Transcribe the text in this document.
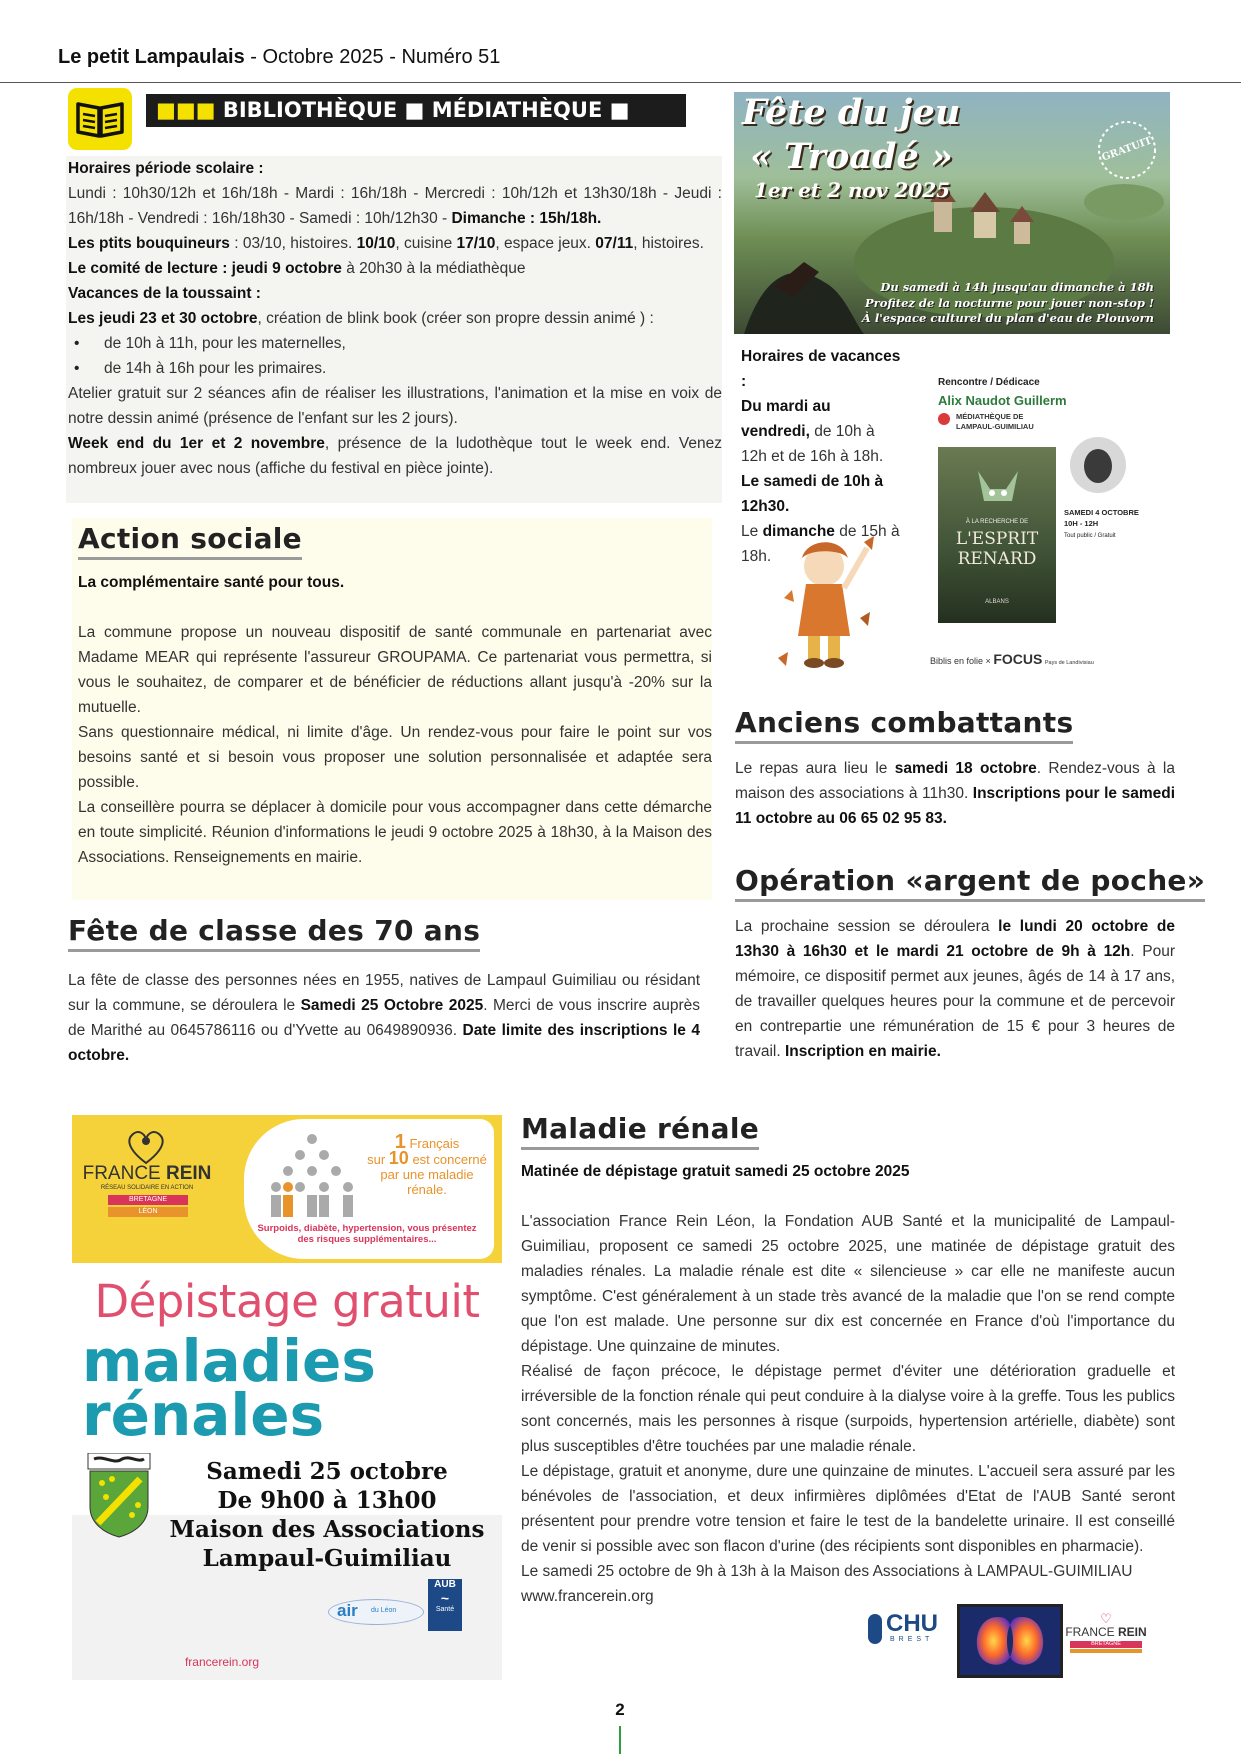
Le petit Lampaulais - Octobre 2025 - Numéro 51
■■■ BIBLIOTHÈQUE ■ MÉDIATHÈQUE ■ LUDOTHÈQUE
Horaires période scolaire :
Lundi : 10h30/12h et 16h/18h - Mardi : 16h/18h - Mercredi : 10h/12h et 13h30/18h - Jeudi : 16h/18h - Vendredi : 16h/18h30 - Samedi : 10h/12h30 - Dimanche : 15h/18h.
Les ptits bouquineurs : 03/10, histoires. 10/10, cuisine 17/10, espace jeux. 07/11, histoires.
Le comité de lecture : jeudi 9 octobre à 20h30 à la médiathèque
Vacances de la toussaint :
Les jeudi 23 et 30 octobre, création de blink book (créer son propre dessin animé ) :
• de 10h à 11h, pour les maternelles,
• de 14h à 16h pour les primaires.
Atelier gratuit sur 2 séances afin de réaliser les illustrations, l'animation et la mise en voix de notre dessin animé (présence de l'enfant sur les 2 jours).
Week end du 1er et 2 novembre, présence de la ludothèque tout le week end. Venez nombreux jouer avec nous (affiche du festival en pièce jointe).
GRATUIT
Fête du jeu
« Troadé »
1er et 2 nov 2025
Du samedi à 14h jusqu'au dimanche à 18h
Profitez de la nocturne pour jouer non-stop !
À l'espace culturel du plan d'eau de Plouvorn
Horaires de vacances :
Du mardi au vendredi, de 10h à 12h et de 16h à 18h. Le samedi de 10h à 12h30.
Le dimanche de 15h à 18h.
Rencontre / Dédicace
Alix Naudot Guillerm
MÉDIATHÈQUE DE
LAMPAUL-GUIMILIAU
À LA RECHERCHE DE
L'ESPRIT
RENARD
ALBANS
SAMEDI 4 OCTOBRE
10H - 12H
Tout public / Gratuit
Biblis en folie × FOCUS Pays de Landivisiau
Action sociale
La complémentaire santé pour tous.
La commune propose un nouveau dispositif de santé communale en partenariat avec Madame MEAR qui représente l'assureur GROUPAMA. Ce partenariat vous permettra, si vous le souhaitez, de comparer et de bénéficier de réductions allant jusqu'à -20% sur la mutuelle.
Sans questionnaire médical, ni limite d'âge. Un rendez-vous pour faire le point sur vos besoins santé et si besoin vous proposer une solution personnalisée et adaptée sera possible.
La conseillère pourra se déplacer à domicile pour vous accompagner dans cette démarche en toute simplicité. Réunion d'informations le jeudi 9 octobre 2025 à 18h30, à la Maison des Associations. Renseignements en mairie.
Anciens combattants
Le repas aura lieu le samedi 18 octobre. Rendez-vous à la maison des associations à 11h30. Inscriptions pour le samedi 11 octobre au 06 65 02 95 83.
Opération «argent de poche»
La prochaine session se déroulera le lundi 20 octobre de 13h30 à 16h30 et le mardi 21 octobre de 9h à 12h. Pour mémoire, ce dispositif permet aux jeunes, âgés de 14 à 17 ans, de travailler quelques heures pour la commune et de percevoir en contrepartie une rémunération de 15 € pour 3 heures de travail. Inscription en mairie.
Fête de classe des 70 ans
La fête de classe des personnes nées en 1955, natives de Lampaul Guimiliau ou résidant sur la commune, se déroulera le Samedi 25 Octobre 2025. Merci de vous inscrire auprès de Marithé au 0645786116 ou d'Yvette au 0649890936. Date limite des inscriptions le 4 octobre.
FRANCE REIN
RÉSEAU SOLIDAIRE EN ACTION
BRETAGNE
LÉON
1 Français
sur 10 est concerné par une maladie rénale.
Surpoids, diabète, hypertension, vous présentez des risques supplémentaires...
Dépistage gratuit
maladies
rénales
Samedi 25 octobre
De 9h00 à 13h00
Maison des Associations
Lampaul-Guimiliau
AUB
~
Santé
air du Léon
francerein.org
Maladie rénale
Matinée de dépistage gratuit samedi 25 octobre 2025
L'association France Rein Léon, la Fondation AUB Santé et la municipalité de Lampaul-Guimiliau, proposent ce samedi 25 octobre 2025, une matinée de dépistage gratuit des maladies rénales. La maladie rénale est dite « silencieuse » car elle ne manifeste aucun symptôme. C'est généralement à un stade très avancé de la maladie que l'on se rend compte que l'on est malade. Une personne sur dix est concernée en France d'où l'importance du dépistage. Une quinzaine de minutes.
Réalisé de façon précoce, le dépistage permet d'éviter une détérioration graduelle et irréversible de la fonction rénale qui peut conduire à la dialyse voire à la greffe. Tous les publics sont concernés, mais les personnes à risque (surpoids, hypertension artérielle, diabète) sont plus susceptibles d'être touchées par une maladie rénale.
Le dépistage, gratuit et anonyme, dure une quinzaine de minutes. L'accueil sera assuré par les bénévoles de l'association, et deux infirmières diplômées d'Etat de l'AUB Santé seront présentent pour prendre votre tension et faire le test de la bandelette urinaire. Il est conseillé de venir si possible avec son flacon d'urine (des récipients sont disponibles en pharmacie).
Le samedi 25 octobre de 9h à 13h à la Maison des Associations à LAMPAUL-GUIMILIAU
www.francerein.org
CHU
BREST
♡
FRANCE REIN
BRETAGNE
2
